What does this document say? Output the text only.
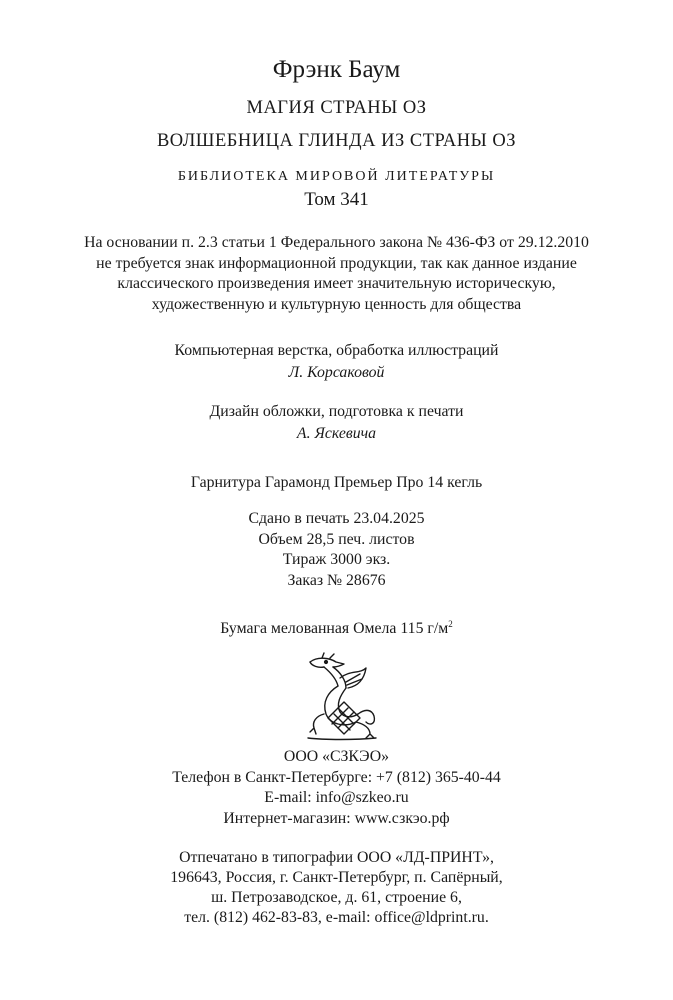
Фрэнк Баум
МАГИЯ СТРАНЫ ОЗ
ВОЛШЕБНИЦА ГЛИНДА ИЗ СТРАНЫ ОЗ
БИБЛИОТЕКА МИРОВОЙ ЛИТЕРАТУРЫ
Том 341
На основании п. 2.3 статьи 1 Федерального закона № 436-ФЗ от 29.12.2010
не требуется знак информационной продукции, так как данное издание
классического произведения имеет значительную историческую,
художественную и культурную ценность для общества
Компьютерная верстка, обработка иллюстраций
Л. Корсаковой
Дизайн обложки, подготовка к печати
А. Яскевича
Гарнитура Гарамонд Премьер Про 14 кегль
Сдано в печать 23.04.2025
Объем 28,5 печ. листов
Тираж 3000 экз.
Заказ № 28676
Бумага мелованная Омела 115 $г/м^2$
ООО «СЗКЭО»
Телефон в Санкт-Петербурге: +7 (812) 365-40-44
E-mail: info@szkeo.ru
Интернет-магазин: www.сзкэо.рф
Отпечатано в типографии ООО «ЛД-ПРИНТ»,
196643, Россия, г. Санкт-Петербург, п. Сапёрный,
ш. Петрозаводское, д. 61, строение 6,
тел. (812) 462-83-83, e-mail: office@ldprint.ru.
